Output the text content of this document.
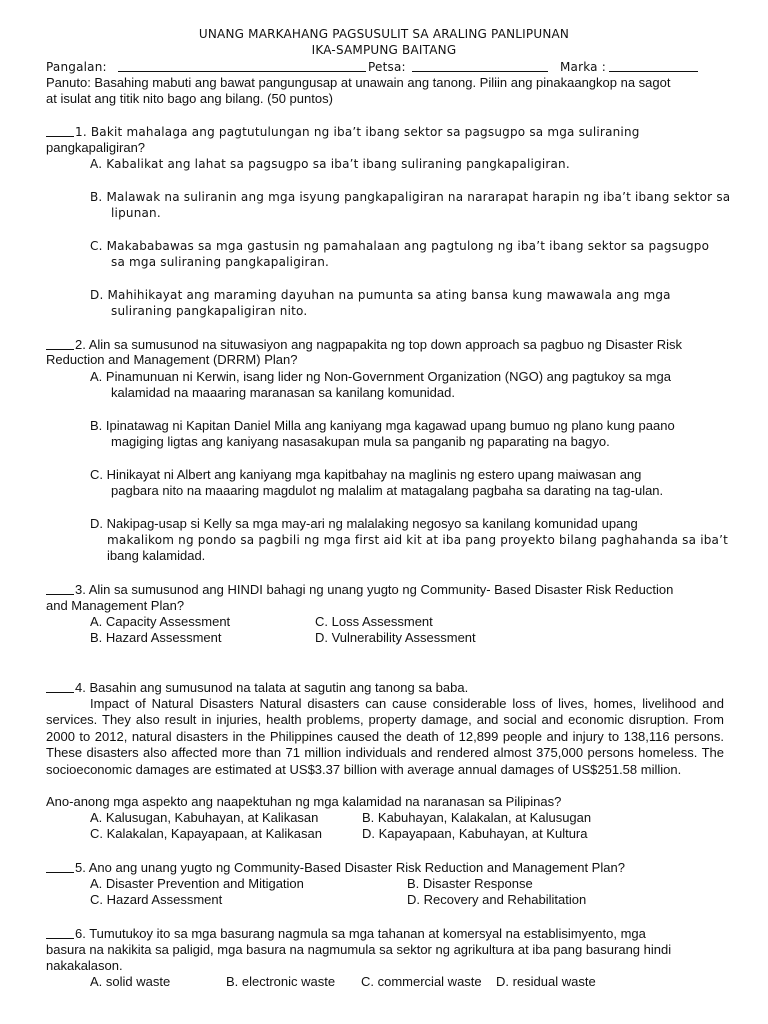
UNANG MARKAHANG PAGSUSULIT SA ARALING PANLIPUNAN
IKA-SAMPUNG BAITANG
Pangalan:	Petsa:	Marka :
Panuto: Basahing mabuti ang bawat pangungusap at unawain ang tanong. Piliin ang pinakaangkop na sagot
at isulat ang titik nito bago ang bilang. (50 puntos)
1. Bakit mahalaga ang pagtutulungan ng iba’t ibang sektor sa pagsugpo sa mga suliraning
pangkapaligiran?
A. Kabalikat ang lahat sa pagsugpo sa iba’t ibang suliraning pangkapaligiran.
B. Malawak na suliranin ang mga isyung pangkapaligiran na nararapat harapin ng iba’t ibang sektor sa
lipunan.
C. Makababawas sa mga gastusin ng pamahalaan ang pagtulong ng iba’t ibang sektor sa pagsugpo
sa mga suliraning pangkapaligiran.
D. Mahihikayat ang maraming dayuhan na pumunta sa ating bansa kung mawawala ang mga
suliraning pangkapaligiran nito.
2. Alin sa sumusunod na situwasiyon ang nagpapakita ng top down approach sa pagbuo ng Disaster Risk
Reduction and Management (DRRM) Plan?
A. Pinamunuan ni Kerwin, isang lider ng Non-Government Organization (NGO) ang pagtukoy sa mga
kalamidad na maaaring maranasan sa kanilang komunidad.
B. Ipinatawag ni Kapitan Daniel Milla ang kaniyang mga kagawad upang bumuo ng plano kung paano
magiging ligtas ang kaniyang nasasakupan mula sa panganib ng paparating na bagyo.
C. Hinikayat ni Albert ang kaniyang mga kapitbahay na maglinis ng estero upang maiwasan ang
pagbara nito na maaaring magdulot ng malalim at matagalang pagbaha sa darating na tag-ulan.
D. Nakipag-usap si Kelly sa mga may-ari ng malalaking negosyo sa kanilang komunidad upang
makalikom ng pondo sa pagbili ng mga first aid kit at iba pang proyekto bilang paghahanda sa iba’t
ibang kalamidad.
3. Alin sa sumusunod ang HINDI bahagi ng unang yugto ng Community- Based Disaster Risk Reduction
and Management Plan?
A. Capacity Assessment	C. Loss Assessment
B. Hazard Assessment	D. Vulnerability Assessment
4. Basahin ang sumusunod na talata at sagutin ang tanong sa baba.
Impact of Natural Disasters Natural disasters can cause considerable loss of lives, homes, livelihood and services. They also result in injuries, health problems, property damage, and social and economic disruption. From 2000 to 2012, natural disasters in the Philippines caused the death of 12,899 people and injury to 138,116 persons. These disasters also affected more than 71 million individuals and rendered almost 375,000 persons homeless. The socioeconomic damages are estimated at US$3.37 billion with average annual damages of US$251.58 million.
Ano-anong mga aspekto ang naapektuhan ng mga kalamidad na naranasan sa Pilipinas?
A. Kalusugan, Kabuhayan, at Kalikasan	B. Kabuhayan, Kalakalan, at Kalusugan
C. Kalakalan, Kapayapaan, at Kalikasan	D. Kapayapaan, Kabuhayan, at Kultura
5. Ano ang unang yugto ng Community-Based Disaster Risk Reduction and Management Plan?
A. Disaster Prevention and Mitigation	B. Disaster Response
C. Hazard Assessment	D. Recovery and Rehabilitation
6. Tumutukoy ito sa mga basurang nagmula sa mga tahanan at komersyal na establisimyento, mga
basura na nakikita sa paligid, mga basura na nagmumula sa sektor ng agrikultura at iba pang basurang hindi
nakakalason.
A. solid waste	B. electronic waste C. commercial waste D. residual waste
